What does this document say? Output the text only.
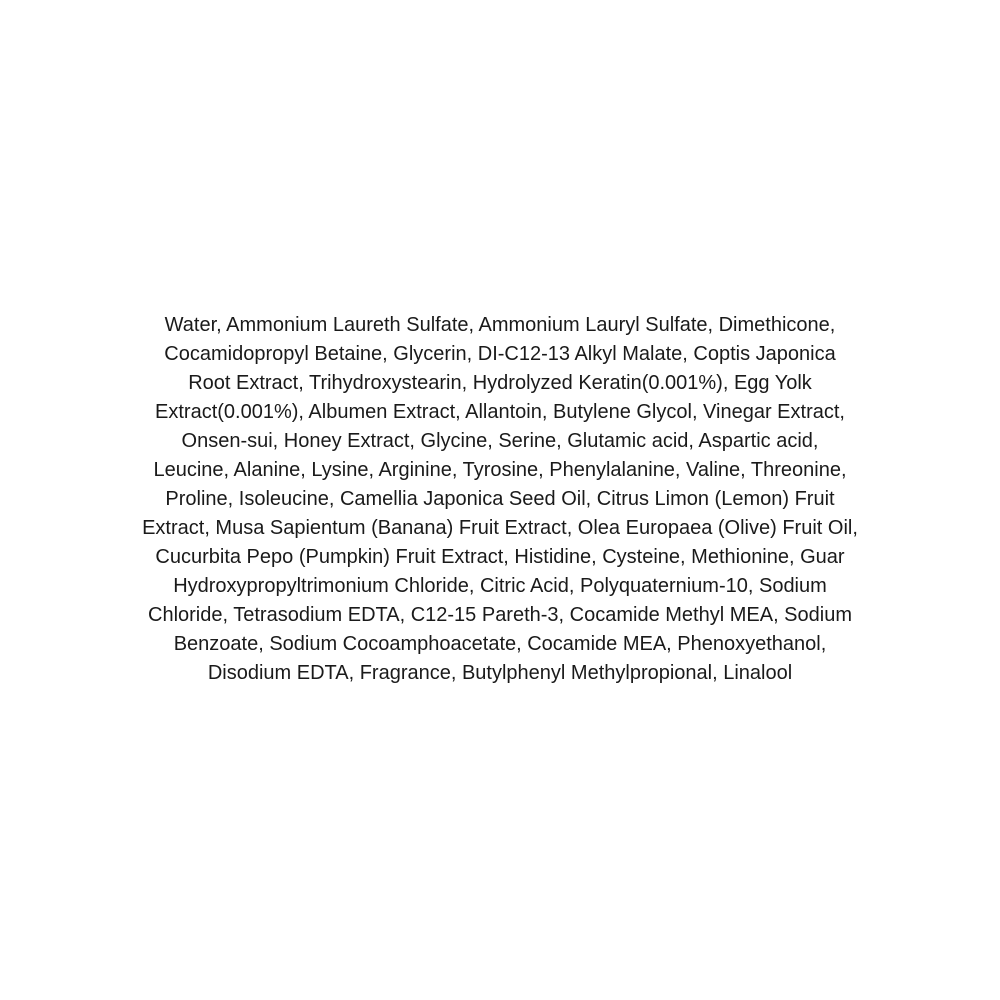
Water, Ammonium Laureth Sulfate, Ammonium Lauryl Sulfate, Dimethicone,
Cocamidopropyl Betaine, Glycerin, DI-C12-13 Alkyl Malate, Coptis Japonica
Root Extract, Trihydroxystearin, Hydrolyzed Keratin(0.001%), Egg Yolk
Extract(0.001%), Albumen Extract, Allantoin, Butylene Glycol, Vinegar Extract,
Onsen-sui, Honey Extract, Glycine, Serine, Glutamic acid, Aspartic acid,
Leucine, Alanine, Lysine, Arginine, Tyrosine, Phenylalanine, Valine, Threonine,
Proline, Isoleucine, Camellia Japonica Seed Oil, Citrus Limon (Lemon) Fruit
Extract, Musa Sapientum (Banana) Fruit Extract, Olea Europaea (Olive) Fruit Oil,
Cucurbita Pepo (Pumpkin) Fruit Extract, Histidine, Cysteine, Methionine, Guar
Hydroxypropyltrimonium Chloride, Citric Acid, Polyquaternium-10, Sodium
Chloride, Tetrasodium EDTA, C12-15 Pareth-3, Cocamide Methyl MEA, Sodium
Benzoate, Sodium Cocoamphoacetate, Cocamide MEA, Phenoxyethanol,
Disodium EDTA, Fragrance, Butylphenyl Methylpropional, Linalool
